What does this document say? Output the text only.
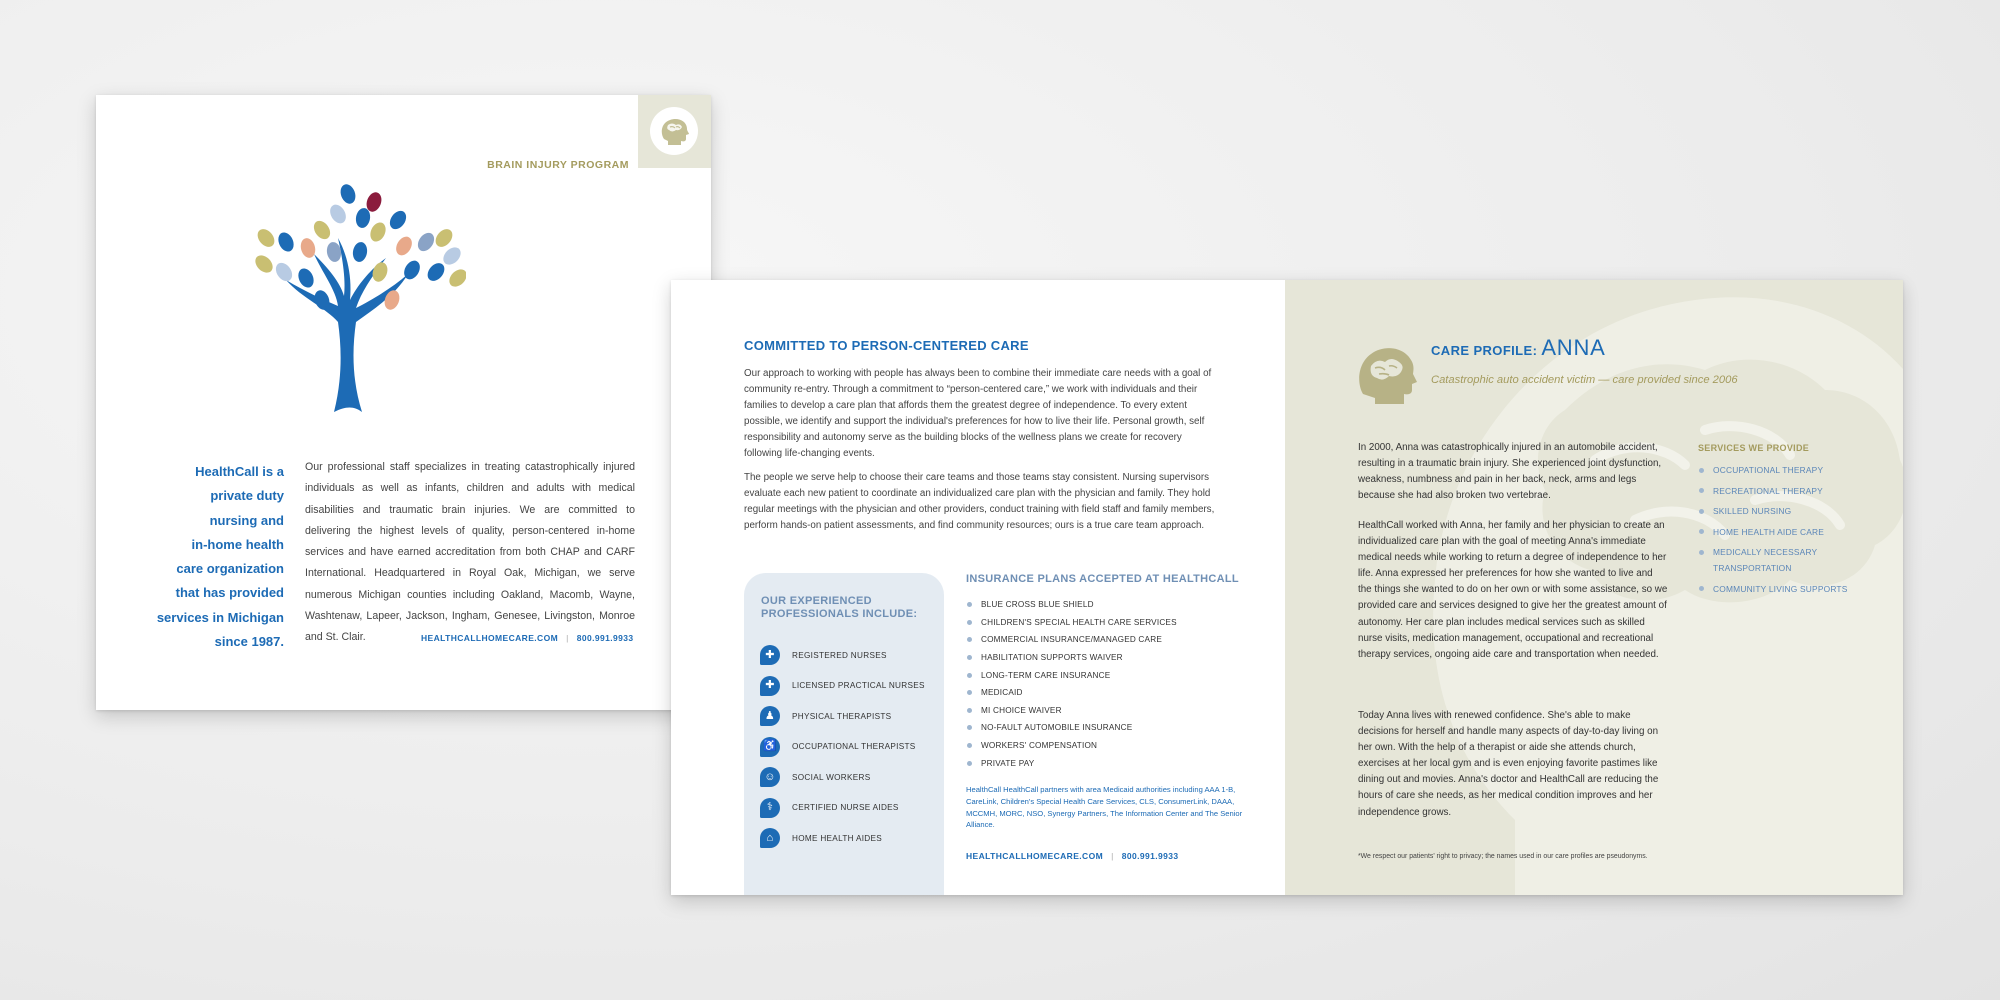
BRAIN INJURY PROGRAM
HealthCall is a
private duty
nursing and
in-home health
care organization
that has provided
services in Michigan
since 1987.
Our professional staff specializes in treating catastrophically injured individuals as well as infants, children and adults with medical disabilities and traumatic brain injuries. We are committed to delivering the highest levels of quality, person-centered in-home services and have earned accreditation from both CHAP and CARF International. Headquartered in Royal Oak, Michigan, we serve numerous Michigan counties including Oakland, Macomb, Wayne, Washtenaw, Lapeer, Jackson, Ingham, Genesee, Livingston, Monroe and St. Clair.	HEALTHCALLHOMECARE.COM | 800.991.9933
COMMITTED TO PERSON-CENTERED CARE

Our approach to working with people has always been to combine their immediate care needs with a goal of community re-entry. Through a commitment to “person-centered care,” we work with individuals and their families to develop a care plan that affords them the greatest degree of independence. To every extent possible, we identify and support the individual's preferences for how to live their life. Personal growth, self responsibility and autonomy serve as the building blocks of the wellness plans we create for recovery following life-changing events.

The people we serve help to choose their care teams and those teams stay consistent. Nursing supervisors evaluate each new patient to coordinate an individualized care plan with the physician and family. They hold regular meetings with the physician and other providers, conduct training with field staff and family members, perform hands-on patient assessments, and find community resources; ours is a true care team approach.

OUR EXPERIENCED PROFESSIONALS INCLUDE:
✚	REGISTERED NURSES
✚	LICENSED PRACTICAL NURSES
♟	PHYSICAL THERAPISTS
♿	OCCUPATIONAL THERAPISTS
☺	SOCIAL WORKERS
⚕	CERTIFIED NURSE AIDES
⌂	HOME HEALTH AIDES
INSURANCE PLANS ACCEPTED AT HEALTHCALL
BLUE CROSS BLUE SHIELD
CHILDREN'S SPECIAL HEALTH CARE SERVICES
COMMERCIAL INSURANCE/MANAGED CARE
HABILITATION SUPPORTS WAIVER
LONG-TERM CARE INSURANCE
MEDICAID
MI CHOICE WAIVER
NO-FAULT AUTOMOBILE INSURANCE
WORKERS' COMPENSATION
PRIVATE PAY
HealthCall HealthCall partners with area Medicaid authorities including AAA 1-B, CareLink, Children's Special Health Care Services, CLS, ConsumerLink, DAAA, MCCMH, MORC, NSO, Synergy Partners, The Information Center and The Senior Alliance.
HEALTHCALLHOMECARE.COM | 800.991.9933
CARE PROFILE: ANNA
Catastrophic auto accident victim — care provided since 2006

In 2000, Anna was catastrophically injured in an automobile accident, resulting in a traumatic brain injury. She experienced joint dysfunction, weakness, numbness and pain in her back, neck, arms and legs because she had also broken two vertebrae.

HealthCall worked with Anna, her family and her physician to create an individualized care plan with the goal of meeting Anna's immediate medical needs while working to return a degree of independence to her life. Anna expressed her preferences for how she wanted to live and the things she wanted to do on her own or with some assistance, so we provided care and services designed to give her the greatest amount of autonomy. Her care plan includes medical services such as skilled nurse visits, medication management, occupational and recreational therapy services, ongoing aide care and transportation when needed.

Today Anna lives with renewed confidence. She's able to make decisions for herself and handle many aspects of day-to-day living on her own. With the help of a therapist or aide she attends church, exercises at her local gym and is even enjoying favorite pastimes like dining out and movies. Anna's doctor and HealthCall are reducing the hours of care she needs, as her medical condition improves and her independence grows.

SERVICES WE PROVIDE
OCCUPATIONAL THERAPY
RECREATIONAL THERAPY
SKILLED NURSING
HOME HEALTH AIDE CARE
MEDICALLY NECESSARY TRANSPORTATION
COMMUNITY LIVING SUPPORTS
*We respect our patients' right to privacy; the names used in our care profiles are pseudonyms.
